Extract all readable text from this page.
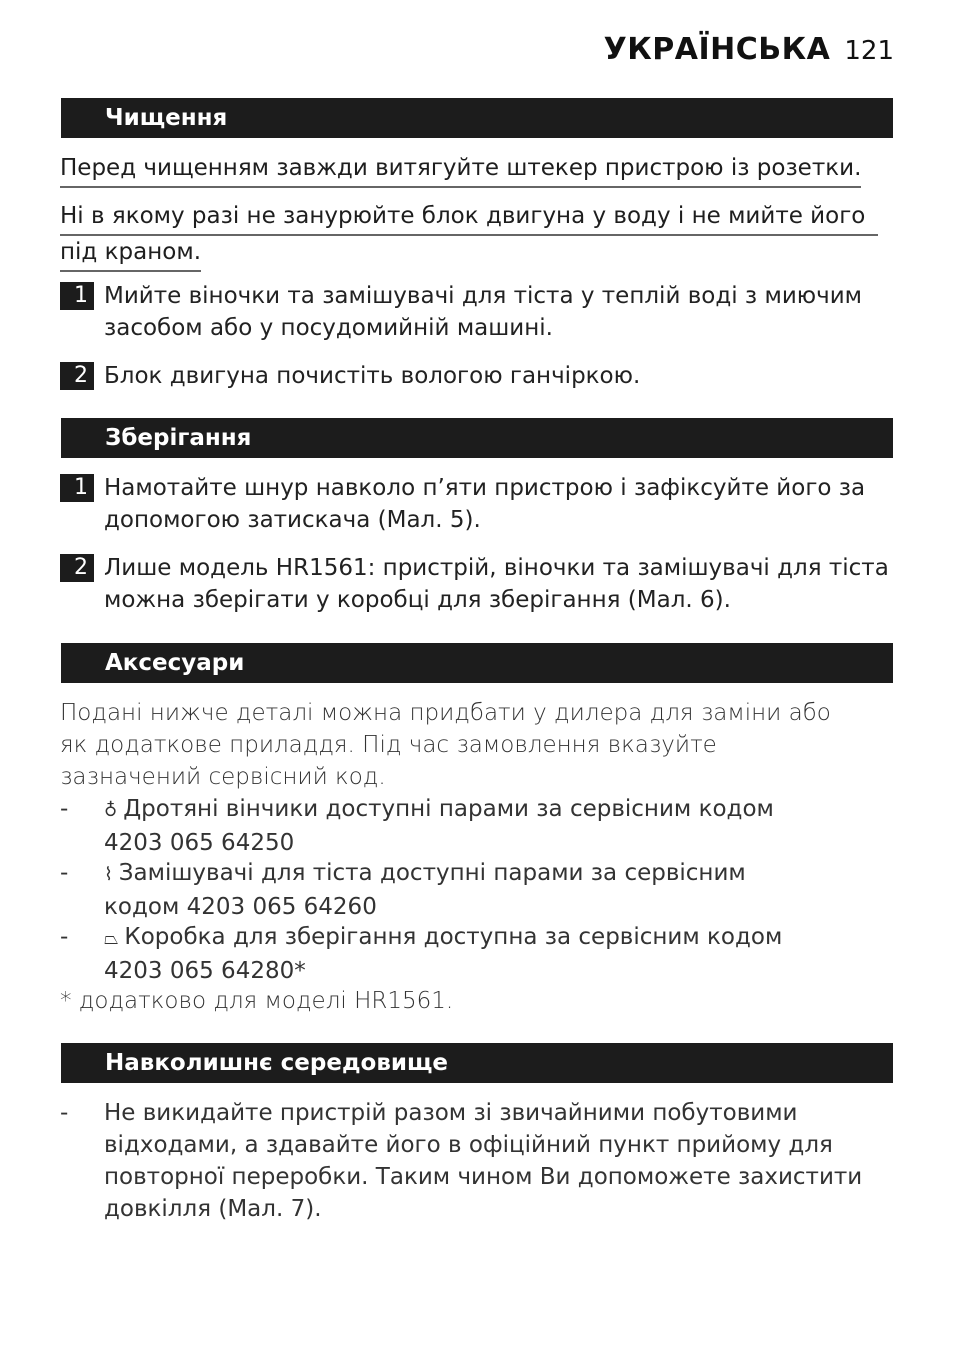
УКРАЇНСЬКА 121
Чищення
Перед чищенням завжди витягуйте штекер пристрою із розетки.
Ні в якому разі не занурюйте блок двигуна у воду і не мийте його
під краном.
1 Мийте віночки та замішувачі для тіста у теплій воді з миючим засобом або у посудомийній машині.
2 Блок двигуна почистіть вологою ганчіркою.
Зберігання
1 Намотайте шнур навколо п’яти пристрою і зафіксуйте його за допомогою затискача (Мал. 5).
2 Лише модель HR1561: пристрій, віночки та замішувачі для тіста можна зберігати у коробці для зберігання (Мал. 6).
Аксесуари
Подані нижче деталі можна придбати у дилера для заміни або як додаткове приладдя. Під час замовлення вказуйте зазначений сервісний код.
- ♁ Дротяні вінчики доступні парами за сервісним кодом 4203 065 64250
- ⌇ Замішувачі для тіста доступні парами за сервісним кодом 4203 065 64260
- ⏢ Коробка для зберігання доступна за сервісним кодом 4203 065 64280*
* додатково для моделі HR1561.
Навколишнє середовище
- Не викидайте пристрій разом зі звичайними побутовими відходами, а здавайте його в офіційний пункт прийому для повторної переробки. Таким чином Ви допоможете захистити довкілля (Мал. 7).
